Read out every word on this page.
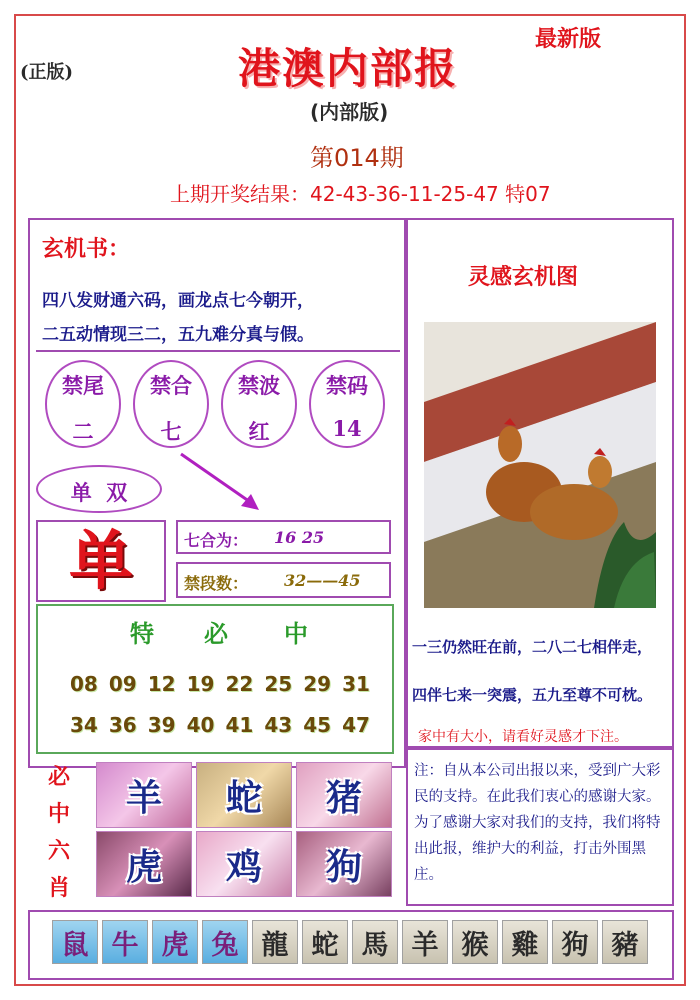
(正版)	港澳内部报
最新版
(内部版)
第014期
上期开奖结果：42-43-36-11-25-47 特07
玄机书：
四八发财通六码，画龙点七今朝开，
二五动情现三二，五九难分真与假。
禁尾
二
禁合
七
禁波
红
禁码
14
单  双
单	七合为： 16 25
禁段数： 32——45
特 必 中
08 09 12 19 22 25 29 31
34 36 39 40 41 43 45 47
必
中
六
肖
羊	蛇	猪
虎	鸡	狗
灵感玄机图
一三仍然旺在前，二八二七相伴走，
四伴七来一突震，五九至尊不可枕。
家中有大小，请看好灵感才下注。
注：自从本公司出报以来，受到广大彩民的支持。在此我们衷心的感谢大家。为了感谢大家对我们的支持，我们将特出此报，维护大的利益，打击外围黑庄。
鼠 牛 虎 兔 龍 蛇 馬 羊 猴 雞 狗 豬
